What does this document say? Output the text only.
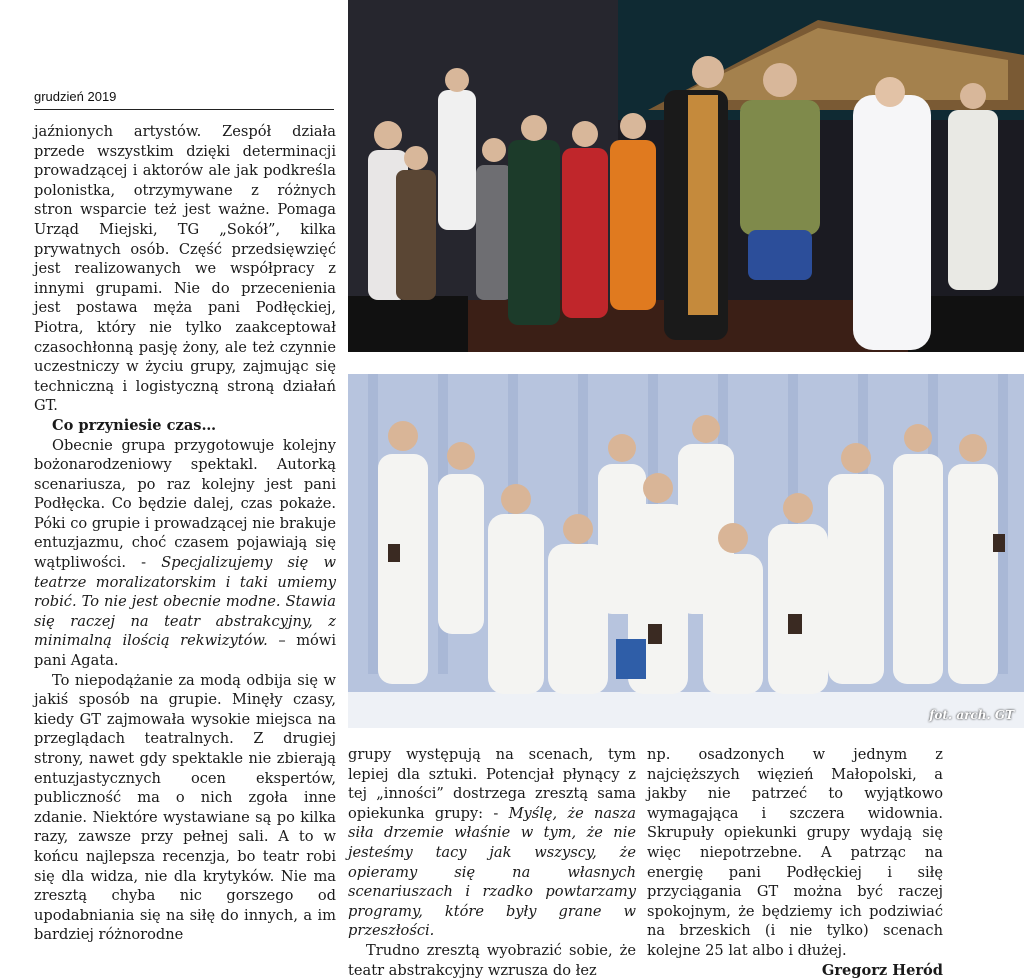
grudzień 2019

jaźnionych artystów. Zespół działa przede wszystkim dzięki determinacji prowadzącej i aktorów ale jak podkreśla polonistka, otrzymywane z różnych stron wsparcie też jest ważne. Pomaga Urząd Miejski, TG „Sokół”, kilka prywatnych osób. Część przedsięwzięć jest realizowanych we współpracy z innymi grupami. Nie do przecenienia jest postawa męża pani Podłęckiej, Piotra, który nie tylko zaakceptował czasochłonną pasję żony, ale też czynnie uczestniczy w życiu grupy, zajmując się techniczną i logistyczną stroną działań GT.

Co przyniesie czas…

Obecnie grupa przygotowuje kolejny bożonarodzeniowy spektakl. Autorką scenariusza, po raz kolejny jest pani Podłęcka. Co będzie dalej, czas pokaże. Póki co grupie i prowadzącej nie brakuje entuzjazmu, choć czasem pojawiają się wątpliwości. - Specjalizujemy się w teatrze moralizatorskim i taki umiemy robić. To nie jest obecnie modne. Stawia się raczej na teatr abstrakcyjny, z minimalną ilością rekwizytów. – mówi pani Agata.

To niepodążanie za modą odbija się w jakiś sposób na grupie. Minęły czasy, kiedy GT zajmowała wysokie miejsca na przeglądach teatralnych. Z drugiej strony, nawet gdy spektakle nie zbierają entuzjastycznych ocen ekspertów, publiczność ma o nich zgoła inne zdanie. Niektóre wystawiane są po kilka razy, zawsze przy pełnej sali. A to w końcu najlepsza recenzja, bo teatr robi się dla widza, nie dla krytyków. Nie ma zresztą chyba nic gorszego od upodabniania się na siłę do innych, a im bardziej różnorodne

fot. arch. GT

grupy występują na scenach, tym lepiej dla sztuki. Potencjał płynący z tej „inności” dostrzega zresztą sama opiekunka grupy: - Myślę, że nasza siła drzemie właśnie w tym, że nie jesteśmy tacy jak wszyscy, że opieramy się na własnych scenariuszach i rzadko powtarzamy programy, które były grane w przeszłości.

Trudno zresztą wyobrazić sobie, że teatr abstrakcyjny wzrusza do łez

np. osadzonych w jednym z najcięższych więzień Małopolski, a jakby nie patrzeć to wyjątkowo wymagająca i szczera widownia. Skrupuły opiekunki grupy wydają się więc niepotrzebne. A patrząc na energię pani Podłęckiej i siłę przyciągania GT można być raczej spokojnym, że będziemy ich podziwiać na brzeskich (i nie tylko) scenach kolejne 25 lat albo i dłużej.

Gregorz Heród
